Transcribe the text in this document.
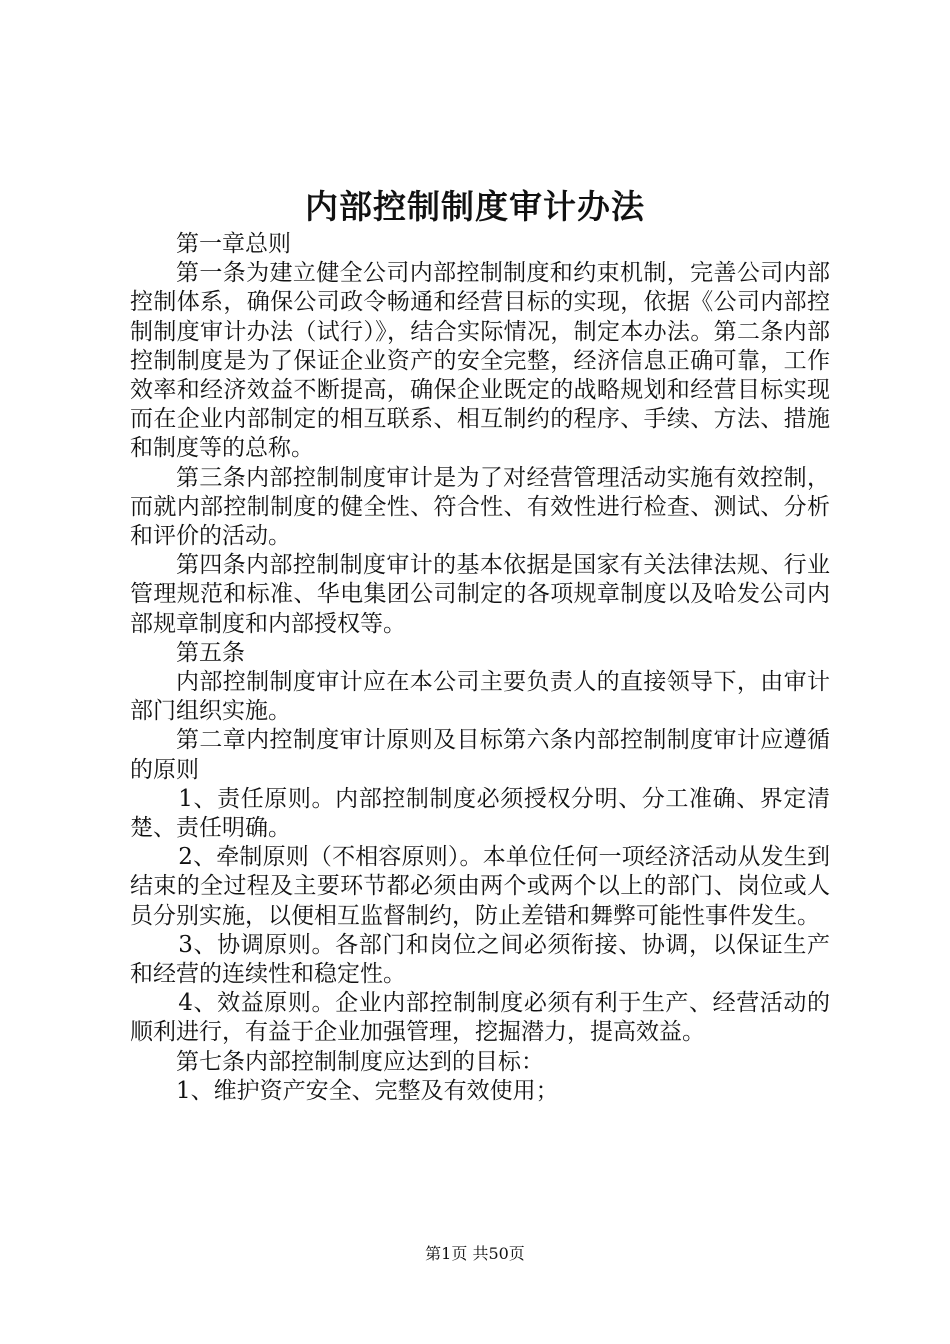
内部控制制度审计办法

第一章总则

第一条为建立健全公司内部控制制度和约束机制，完善公司内部控制体系，确保公司政令畅通和经营目标的实现，依据《公司内部控制制度审计办法（试行）》，结合实际情况，制定本办法。第二条内部控制制度是为了保证企业资产的安全完整，经济信息正确可靠，工作效率和经济效益不断提高，确保企业既定的战略规划和经营目标实现而在企业内部制定的相互联系、相互制约的程序、手续、方法、措施和制度等的总称。

第三条内部控制制度审计是为了对经营管理活动实施有效控制，而就内部控制制度的健全性、符合性、有效性进行检查、测试、分析和评价的活动。

第四条内部控制制度审计的基本依据是国家有关法律法规、行业管理规范和标准、华电集团公司制定的各项规章制度以及哈发公司内部规章制度和内部授权等。

第五条

内部控制制度审计应在本公司主要负责人的直接领导下，由审计部门组织实施。

第二章内控制度审计原则及目标第六条内部控制制度审计应遵循的原则

1、责任原则。内部控制制度必须授权分明、分工准确、界定清楚、责任明确。

2、牵制原则（不相容原则）。本单位任何一项经济活动从发生到结束的全过程及主要环节都必须由两个或两个以上的部门、岗位或人员分别实施，以便相互监督制约，防止差错和舞弊可能性事件发生。

3、协调原则。各部门和岗位之间必须衔接、协调，以保证生产和经营的连续性和稳定性。

4、效益原则。企业内部控制制度必须有利于生产、经营活动的顺利进行，有益于企业加强管理，挖掘潜力，提高效益。

第七条内部控制制度应达到的目标：

1、维护资产安全、完整及有效使用；

第1页 共50页
